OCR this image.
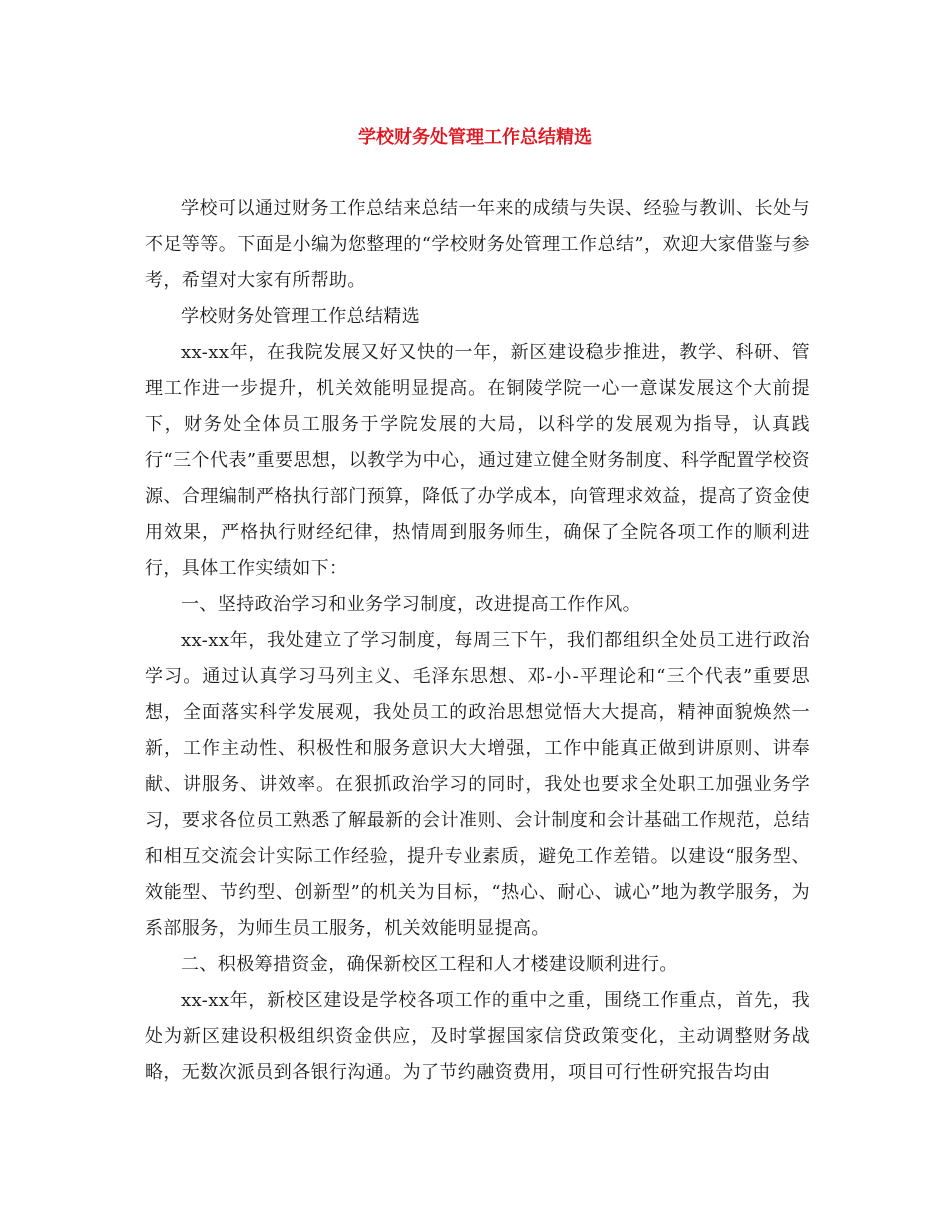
学校财务处管理工作总结精选

学校可以通过财务工作总结来总结一年来的成绩与失误、经验与教训、长处与不足等等。下面是小编为您整理的“学校财务处管理工作总结”，欢迎大家借鉴与参考，希望对大家有所帮助。

学校财务处管理工作总结精选

xx-xx年，在我院发展又好又快的一年，新区建设稳步推进，教学、科研、管理工作进一步提升，机关效能明显提高。在铜陵学院一心一意谋发展这个大前提下，财务处全体员工服务于学院发展的大局，以科学的发展观为指导，认真践行“三个代表”重要思想，以教学为中心，通过建立健全财务制度、科学配置学校资源、合理编制严格执行部门预算，降低了办学成本，向管理求效益，提高了资金使用效果，严格执行财经纪律，热情周到服务师生，确保了全院各项工作的顺利进行，具体工作实绩如下：

一、坚持政治学习和业务学习制度，改进提高工作作风。

xx-xx年，我处建立了学习制度，每周三下午，我们都组织全处员工进行政治学习。通过认真学习马列主义、毛泽东思想、邓-小-平理论和“三个代表”重要思想，全面落实科学发展观，我处员工的政治思想觉悟大大提高，精神面貌焕然一新，工作主动性、积极性和服务意识大大增强，工作中能真正做到讲原则、讲奉献、讲服务、讲效率。在狠抓政治学习的同时，我处也要求全处职工加强业务学习，要求各位员工熟悉了解最新的会计准则、会计制度和会计基础工作规范，总结和相互交流会计实际工作经验，提升专业素质，避免工作差错。以建设“服务型、效能型、节约型、创新型”的机关为目标，“热心、耐心、诚心”地为教学服务，为系部服务，为师生员工服务，机关效能明显提高。

二、积极筹措资金，确保新校区工程和人才楼建设顺利进行。

xx-xx年，新校区建设是学校各项工作的重中之重，围绕工作重点，首先，我处为新区建设积极组织资金供应，及时掌握国家信贷政策变化，主动调整财务战略，无数次派员到各银行沟通。为了节约融资费用，项目可行性研究报告均由
